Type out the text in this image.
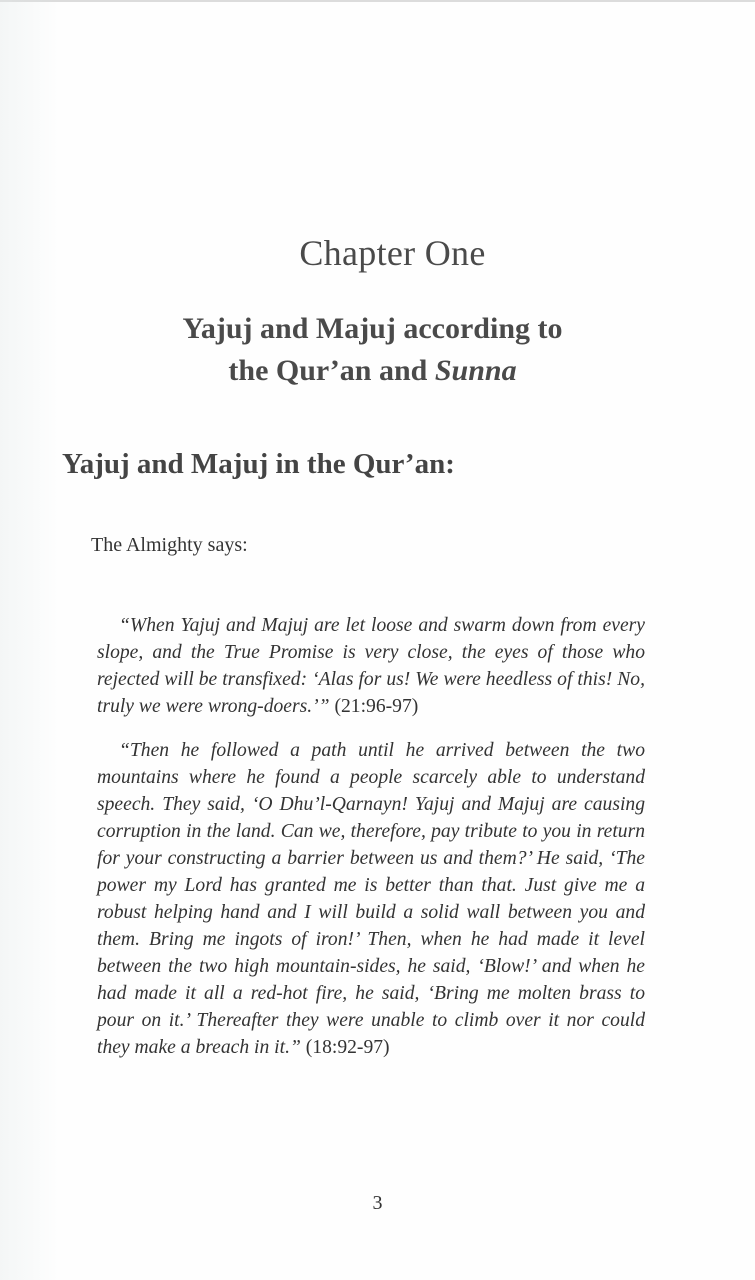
Chapter One
Yajuj and Majuj according to
the Qur’an and Sunna
Yajuj and Majuj in the Qur’an:
The Almighty says:

“When Yajuj and Majuj are let loose and swarm down from every slope, and the True Promise is very close, the eyes of those who rejected will be transfixed: ‘Alas for us! We were heedless of this! No, truly we were wrong-doers.’” (21:96-97)

“Then he followed a path until he arrived between the two mountains where he found a people scarcely able to understand speech. They said, ‘O Dhu’l-Qarnayn! Yajuj and Majuj are causing corruption in the land. Can we, therefore, pay tribute to you in return for your constructing a barrier between us and them?’ He said, ‘The power my Lord has granted me is better than that. Just give me a robust helping hand and I will build a solid wall between you and them. Bring me ingots of iron!’ Then, when he had made it level between the two high mountain-sides, he said, ‘Blow!’ and when he had made it all a red-hot fire, he said, ‘Bring me molten brass to pour on it.’ Thereafter they were unable to climb over it nor could they make a breach in it.” (18:92-97)

3
